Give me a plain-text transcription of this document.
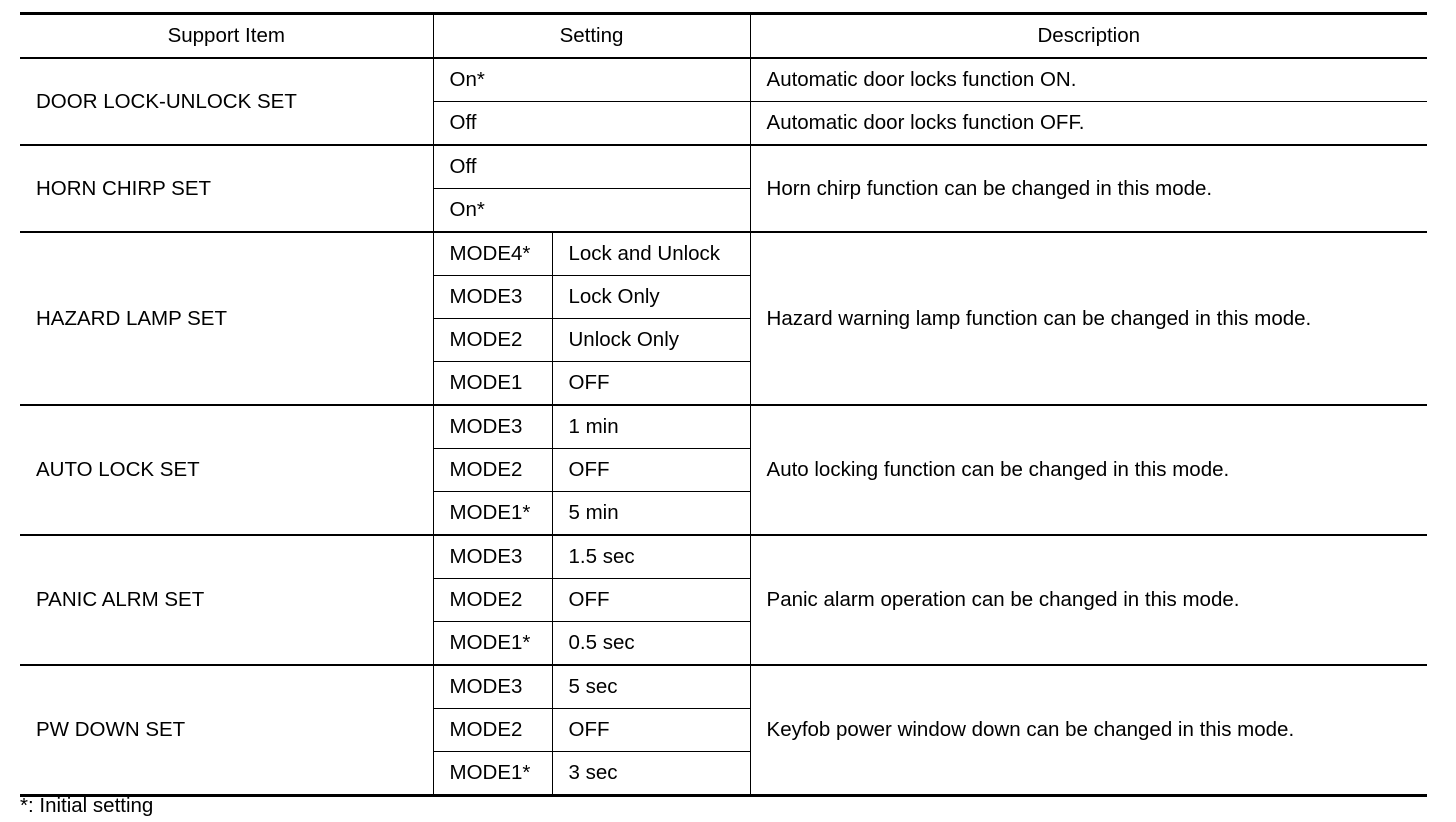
Support Item	Setting		Description
DOOR LOCK-UNLOCK SET	On*		Automatic door locks function ON.
	Off		Automatic door locks function OFF.
HORN CHIRP SET	Off		Horn chirp function can be changed in this mode.
	On*		
HAZARD LAMP SET	MODE4*	Lock and Unlock	Hazard warning lamp function can be changed in this mode.
	MODE3	Lock Only	
	MODE2	Unlock Only	
	MODE1	OFF	
AUTO LOCK SET	MODE3	1 min	Auto locking function can be changed in this mode.
	MODE2	OFF	
	MODE1*	5 min	
PANIC ALRM SET	MODE3	1.5 sec	Panic alarm operation can be changed in this mode.
	MODE2	OFF	
	MODE1*	0.5 sec	
PW DOWN SET	MODE3	5 sec	Keyfob power window down can be changed in this mode.
	MODE2	OFF	
	MODE1*	3 sec	

*: Initial setting
